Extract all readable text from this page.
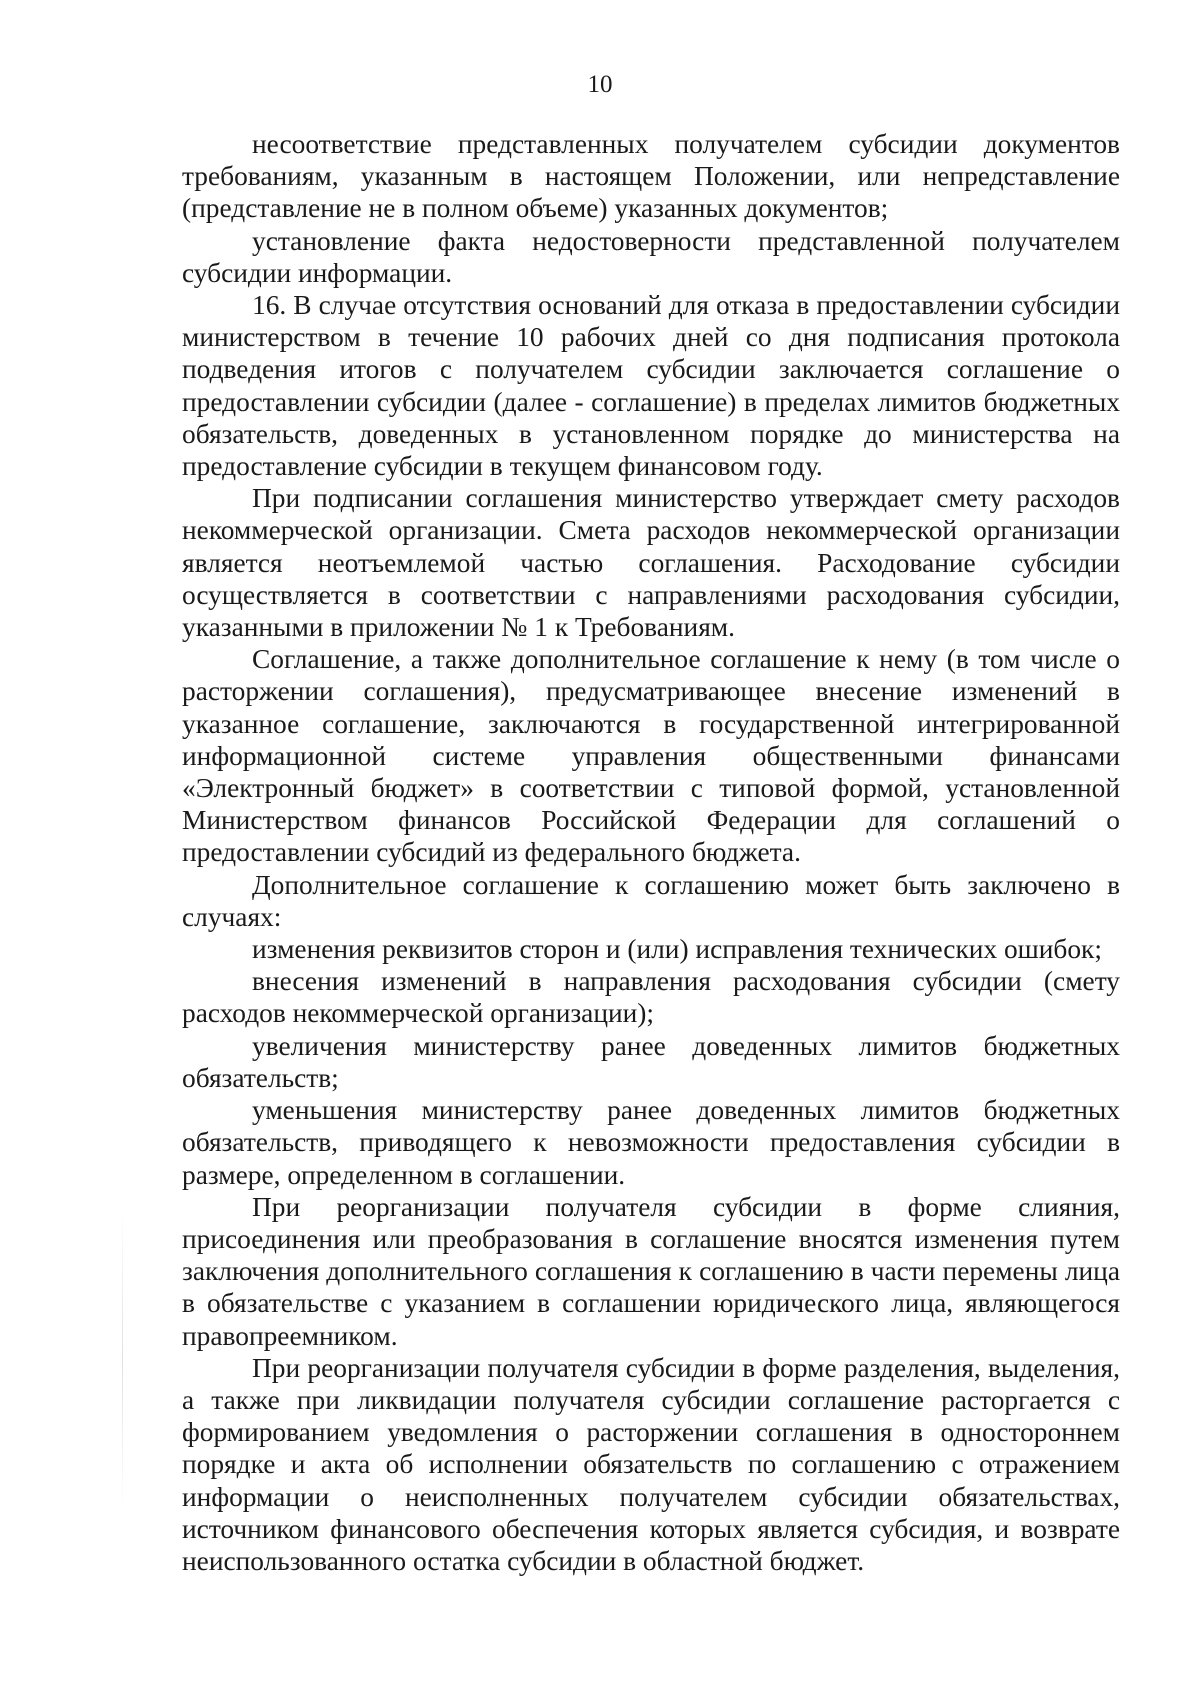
10

несоответствие представленных получателем субсидии документов требованиям, указанным в настоящем Положении, или непредставление (представление не в полном объеме) указанных документов;

установление факта недостоверности представленной получателем субсидии информации.

16. В случае отсутствия оснований для отказа в предоставлении субсидии министерством в течение 10 рабочих дней со дня подписания протокола подведения итогов с получателем субсидии заключается соглашение о предоставлении субсидии (далее - соглашение) в пределах лимитов бюджетных обязательств, доведенных в установленном порядке до министерства на предоставление субсидии в текущем финансовом году.

При подписании соглашения министерство утверждает смету расходов некоммерческой организации. Смета расходов некоммерческой организации является неотъемлемой частью соглашения. Расходование субсидии осуществляется в соответствии с направлениями расходования субсидии, указанными в приложении № 1 к Требованиям.

Соглашение, а также дополнительное соглашение к нему (в том числе о расторжении соглашения), предусматривающее внесение изменений в указанное соглашение, заключаются в государственной интегрированной информационной системе управления общественными финансами «Электронный бюджет» в соответствии с типовой формой, установленной Министерством финансов Российской Федерации для соглашений о предоставлении субсидий из федерального бюджета.

Дополнительное соглашение к соглашению может быть заключено в случаях:

изменения реквизитов сторон и (или) исправления технических ошибок;

внесения изменений в направления расходования субсидии (смету расходов некоммерческой организации);

увеличения министерству ранее доведенных лимитов бюджетных обязательств;

уменьшения министерству ранее доведенных лимитов бюджетных обязательств, приводящего к невозможности предоставления субсидии в размере, определенном в соглашении.

При реорганизации получателя субсидии в форме слияния, присоединения или преобразования в соглашение вносятся изменения путем заключения дополнительного соглашения к соглашению в части перемены лица в обязательстве с указанием в соглашении юридического лица, являющегося правопреемником.

При реорганизации получателя субсидии в форме разделения, выделения, а также при ликвидации получателя субсидии соглашение расторгается с формированием уведомления о расторжении соглашения в одностороннем порядке и акта об исполнении обязательств по соглашению с отражением информации о неисполненных получателем субсидии обязательствах, источником финансового обеспечения которых является субсидия, и возврате неиспользованного остатка субсидии в областной бюджет.
